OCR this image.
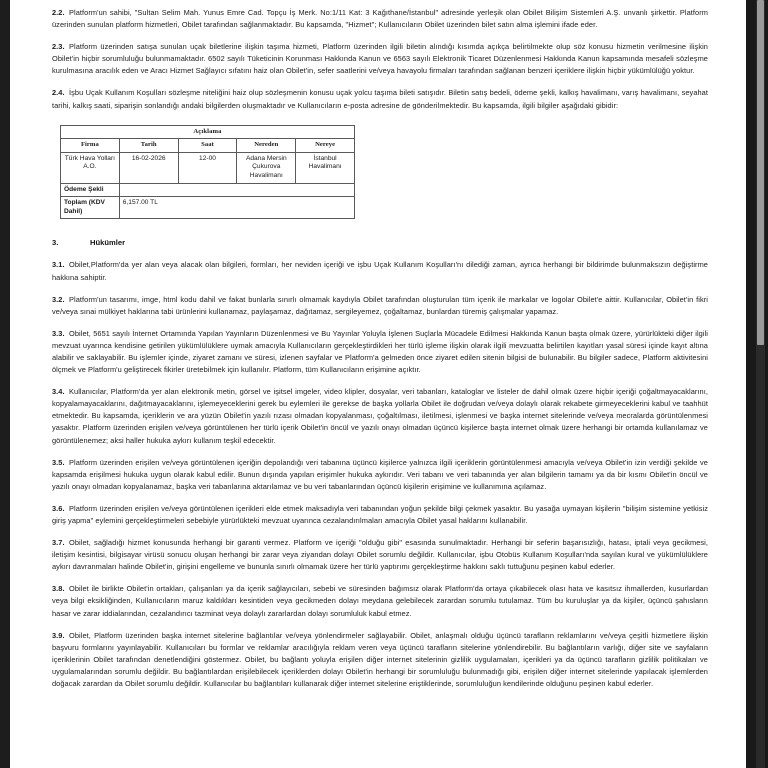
2.2. Platform'un sahibi, "Sultan Selim Mah. Yunus Emre Cad. Topçu İş Merk. No:1/11 Kat: 3 Kağıthane/İstanbul" adresinde yerleşik olan Obilet Bilişim Sistemleri A.Ş. unvanlı şirkettir. Platform üzerinden sunulan platform hizmetleri, Obilet tarafından sağlanmaktadır. Bu kapsamda, "Hizmet"; Kullanıcıların Obilet üzerinden bilet satın alma işlemini ifade eder.

2.3. Platform üzerinden satışa sunulan uçak biletlerine ilişkin taşıma hizmeti, Platform üzerinden ilgili biletin alındığı kısımda açıkça belirtilmekte olup söz konusu hizmetin verilmesine ilişkin Obilet'in hiçbir sorumluluğu bulunmamaktadır. 6502 sayılı Tüketicinin Korunması Hakkında Kanun ve 6563 sayılı Elektronik Ticaret Düzenlenmesi Hakkında Kanun kapsamında mesafeli sözleşme kurulmasına aracılık eden ve Aracı Hizmet Sağlayıcı sıfatını haiz olan Obilet'in, sefer saatlerini ve/veya havayolu firmaları tarafından sağlanan benzeri içeriklere ilişkin hiçbir yükümlülüğü yoktur.

2.4. İşbu Uçak Kullanım Koşulları sözleşme niteliğini haiz olup sözleşmenin konusu uçak yolcu taşıma bileti satışıdır. Biletin satış bedeli, ödeme şekli, kalkış havalimanı, varış havalimanı, seyahat tarihi, kalkış saati, siparişin sonlandığı andaki bilgilerden oluşmaktadır ve Kullanıcıların e-posta adresine de gönderilmektedir. Bu kapsamda, ilgili bilgiler aşağıdaki gibidir:

Açıklama				
Firma	Tarih	Saat	Nereden	Nereye
Türk Hava Yolları A.O.	16-02-2026	12-00	Adana Mersin Çukurova Havalimanı	İstanbul Havalimanı
Ödeme Şekli				
Toplam (KDV Dahil)	6,157.00 TL			
3.	Hükümler

3.1. Obilet,Platform'da yer alan veya alacak olan bilgileri, formları, her neviden içeriği ve işbu Uçak Kullanım Koşulları'nı dilediği zaman, ayrıca herhangi bir bildirimde bulunmaksızın değiştirme hakkına sahiptir.

3.2. Platform'un tasarımı, imge, html kodu dahil ve fakat bunlarla sınırlı olmamak kaydıyla Obilet tarafından oluşturulan tüm içerik ile markalar ve logolar Obilet'e aittir. Kullanıcılar, Obilet'in fikri ve/veya sınai mülkiyet haklarına tabi ürünlerini kullanamaz, paylaşamaz, dağıtamaz, sergileyemez, çoğaltamaz, bunlardan türemiş çalışmalar yapamaz.

3.3. Obilet, 5651 sayılı İnternet Ortamında Yapılan Yayınların Düzenlenmesi ve Bu Yayınlar Yoluyla İşlenen Suçlarla Mücadele Edilmesi Hakkında Kanun başta olmak üzere, yürürlükteki diğer ilgili mevzuat uyarınca kendisine getirilen yükümlülüklere uymak amacıyla Kullanıcıların gerçekleştirdikleri her türlü işleme ilişkin olarak ilgili mevzuatta belirtilen kayıtları yasal süresi içinde kayıt altına alabilir ve saklayabilir. Bu işlemler içinde, ziyaret zamanı ve süresi, izlenen sayfalar ve Platform'a gelmeden önce ziyaret edilen sitenin bilgisi de bulunabilir. Bu bilgiler sadece, Platform aktivitesini ölçmek ve Platform'u geliştirecek fikirler üretebilmek için kullanılır. Platform, tüm Kullanıcıların erişimine açıktır.

3.4. Kullanıcılar, Platform'da yer alan elektronik metin, görsel ve işitsel imgeler, video klipler, dosyalar, veri tabanları, kataloglar ve listeler de dahil olmak üzere hiçbir içeriği çoğaltmayacaklarını, kopyalamayacaklarını, dağıtmayacaklarını, işlemeyeceklerini gerek bu eylemleri ile gerekse de başka yollarla Obilet ile doğrudan ve/veya dolaylı olarak rekabete girmeyeceklerini kabul ve taahhüt etmektedir. Bu kapsamda, içeriklerin ve ara yüzün Obilet'in yazılı rızası olmadan kopyalanması, çoğaltılması, iletilmesi, işlenmesi ve başka internet sitelerinde ve/veya mecralarda görüntülenmesi yasaktır. Platform üzerinden erişilen ve/veya görüntülenen her türlü içerik Obilet'in öncül ve yazılı onayı olmadan üçüncü kişilerce başta internet olmak üzere herhangi bir ortamda kullanılamaz ve görüntülenemez; aksi haller hukuka aykırı kullanım teşkil edecektir.

3.5. Platform üzerinden erişilen ve/veya görüntülenen içeriğin depolandığı veri tabanına üçüncü kişilerce yalnızca ilgili içeriklerin görüntülenmesi amacıyla ve/veya Obilet'in izin verdiği şekilde ve kapsamda erişilmesi hukuka uygun olarak kabul edilir. Bunun dışında yapılan erişimler hukuka aykırıdır. Veri tabanı ve veri tabanında yer alan bilgilerin tamamı ya da bir kısmı Obilet'in öncül ve yazılı onayı olmadan kopyalanamaz, başka veri tabanlarına aktarılamaz ve bu veri tabanlarından üçüncü kişilerin erişimine ve kullanımına açılamaz.

3.6. Platform üzerinden erişilen ve/veya görüntülenen içerikleri elde etmek maksadıyla veri tabanından yoğun şekilde bilgi çekmek yasaktır. Bu yasağa uymayan kişilerin "bilişim sistemine yetkisiz giriş yapma" eylemini gerçekleştirmeleri sebebiyle yürürlükteki mevzuat uyarınca cezalandırılmaları amacıyla Obilet yasal haklarını kullanabilir.

3.7. Obilet, sağladığı hizmet konusunda herhangi bir garanti vermez. Platform ve içeriği "olduğu gibi" esasında sunulmaktadır. Herhangi bir seferin başarısızlığı, hatası, iptali veya gecikmesi, iletişim kesintisi, bilgisayar virüsü sonucu oluşan herhangi bir zarar veya ziyandan dolayı Obilet sorumlu değildir. Kullanıcılar, işbu Otobüs Kullanım Koşulları'nda sayılan kural ve yükümlülüklere aykırı davranmaları halinde Obilet'in, girişini engelleme ve bununla sınırlı olmamak üzere her türlü yaptırımı gerçekleştirme hakkını saklı tuttuğunu peşinen kabul ederler.

3.8. Obilet ile birlikte Obilet'in ortakları, çalışanları ya da içerik sağlayıcıları, sebebi ve süresinden bağımsız olarak Platform'da ortaya çıkabilecek olası hata ve kasıtsız ihmallerden, kusurlardan veya bilgi eksikliğinden, Kullanıcıların maruz kaldıkları kesintiden veya gecikmeden dolayı meydana gelebilecek zarardan sorumlu tutulamaz. Tüm bu kuruluşlar ya da kişiler, üçüncü şahısların hasar ve zarar iddialarından, cezalandırıcı tazminat veya dolaylı zararlardan dolayı sorumluluk kabul etmez.

3.9. Obilet, Platform üzerinden başka internet sitelerine bağlantılar ve/veya yönlendirmeler sağlayabilir. Obilet, anlaşmalı olduğu üçüncü tarafların reklamlarını ve/veya çeşitli hizmetlere ilişkin başvuru formlarını yayınlayabilir. Kullanıcıları bu formlar ve reklamlar aracılığıyla reklam veren veya üçüncü tarafların sitelerine yönlendirebilir. Bu bağlantıların varlığı, diğer site ve sayfaların içeriklerinin Obilet tarafından denetlendiğini göstermez. Obilet, bu bağlantı yoluyla erişilen diğer internet sitelerinin gizlilik uygulamaları, içerikleri ya da üçüncü tarafların gizlilik politikaları ve uygulamalarından sorumlu değildir. Bu bağlantılardan erişilebilecek içeriklerden dolayı Obilet'in herhangi bir sorumluluğu bulunmadığı gibi, erişilen diğer internet sitelerinde yapılacak işlemlerden doğacak zarardan da Obilet sorumlu değildir. Kullanıcılar bu bağlantıları kullanarak diğer internet sitelerine eriştiklerinde, sorumluluğun kendilerinde olduğunu peşinen kabul ederler.
